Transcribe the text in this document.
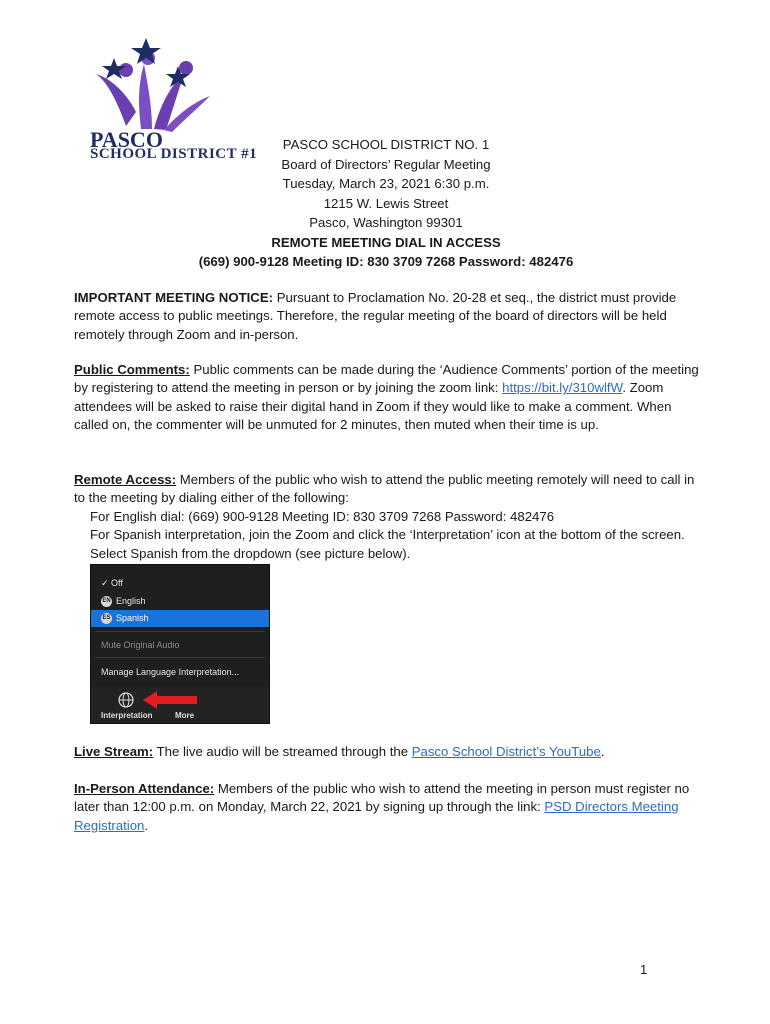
PASCO
SCHOOL DISTRICT #1
PASCO SCHOOL DISTRICT NO. 1
Board of Directors’ Regular Meeting
Tuesday, March 23, 2021 6:30 p.m.
1215 W. Lewis Street
Pasco, Washington 99301
REMOTE MEETING DIAL IN ACCESS
(669) 900-9128 Meeting ID: 830 3709 7268 Password: 482476
IMPORTANT MEETING NOTICE: Pursuant to Proclamation No. 20-28 et seq., the district must provide remote access to public meetings. Therefore, the regular meeting of the board of directors will be held remotely through Zoom and in-person.
Public Comments: Public comments can be made during the ‘Audience Comments’ portion of the meeting by registering to attend the meeting in person or by joining the zoom link: https://bit.ly/310wlfW. Zoom attendees will be asked to raise their digital hand in Zoom if they would like to make a comment. When called on, the commenter will be unmuted for 2 minutes, then muted when their time is up.
Remote Access: Members of the public who wish to attend the public meeting remotely will need to call in to the meeting by dialing either of the following:
For English dial: (669) 900-9128 Meeting ID: 830 3709 7268 Password: 482476
For Spanish interpretation, join the Zoom and click the ‘Interpretation’ icon at the bottom of the screen. Select Spanish from the dropdown (see picture below).
✓ Off
EN English
ES Spanish
Mute Original Audio
Manage Language Interpretation...
Interpretation	More
Live Stream: The live audio will be streamed through the Pasco School District’s YouTube.
In-Person Attendance: Members of the public who wish to attend the meeting in person must register no later than 12:00 p.m. on Monday, March 22, 2021 by signing up through the link: PSD Directors Meeting Registration.
1
